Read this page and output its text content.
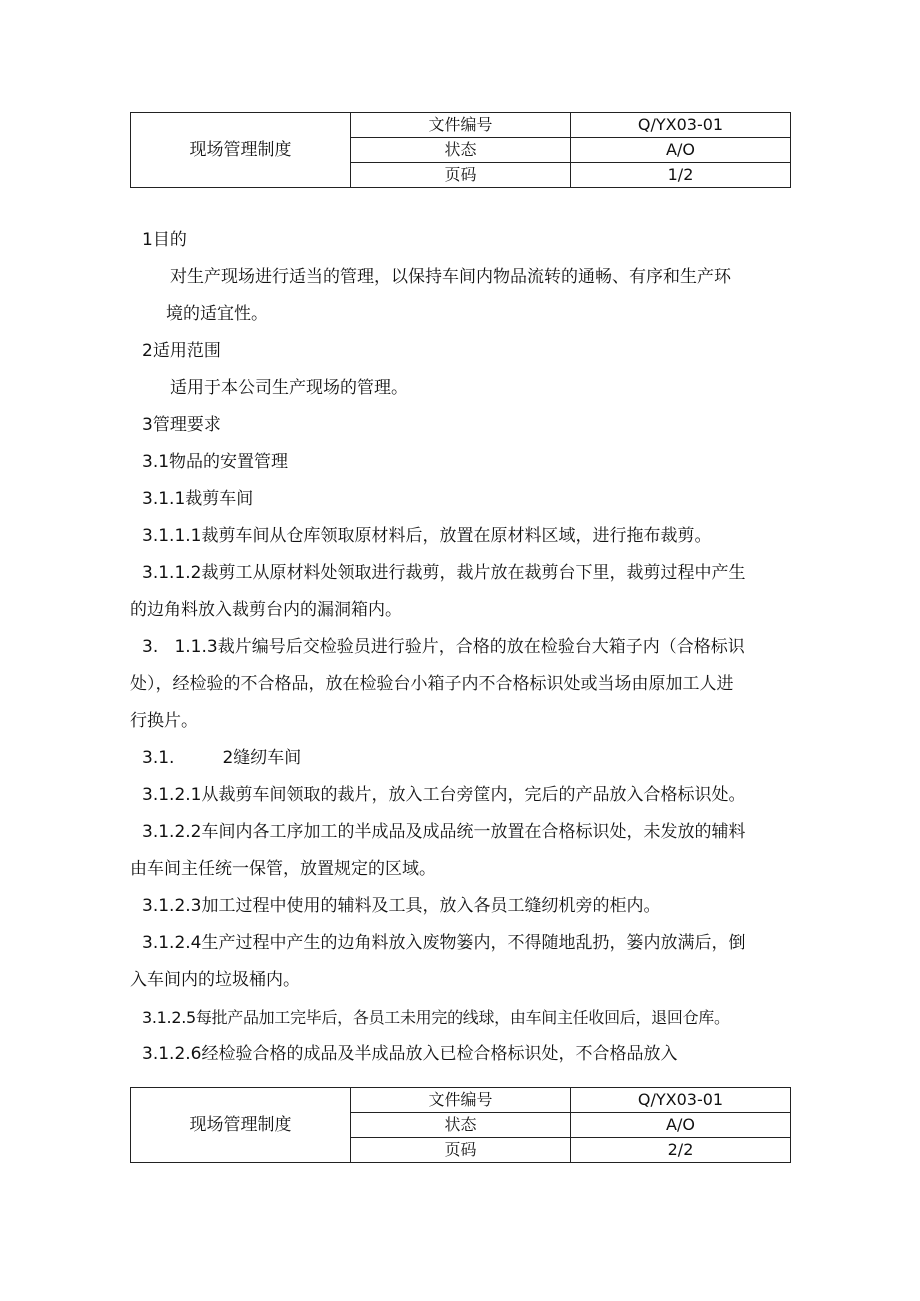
现场管理制度	文件编号	Q/YX03-01
	状态	A/O
	页码	1/2

1目的

对生产现场进行适当的管理，以保持车间内物品流转的通畅、有序和生产环

境的适宜性。

2适用范围

适用于本公司生产现场的管理。

3管理要求

3.1物品的安置管理

3.1.1裁剪车间

3.1.1.1裁剪车间从仓库领取原材料后，放置在原材料区域，进行拖布裁剪。

3.1.1.2裁剪工从原材料处领取进行裁剪，裁片放在裁剪台下里，裁剪过程中产生

的边角料放入裁剪台内的漏洞箱内。

3. 1.1.3裁片编号后交检验员进行验片，合格的放在检验台大箱子内（合格标识

处），经检验的不合格品，放在检验台小箱子内不合格标识处或当场由原加工人进

行换片。

3.1.	2缝纫车间

3.1.2.1从裁剪车间领取的裁片，放入工台旁筐内，完后的产品放入合格标识处。

3.1.2.2车间内各工序加工的半成品及成品统一放置在合格标识处，未发放的辅料

由车间主任统一保管，放置规定的区域。

3.1.2.3加工过程中使用的辅料及工具，放入各员工缝纫机旁的柜内。

3.1.2.4生产过程中产生的边角料放入废物篓内，不得随地乱扔，篓内放满后，倒

入车间内的垃圾桶内。

3.1.2.5每批产品加工完毕后，各员工未用完的线球，由车间主任收回后，退回仓库。

3.1.2.6经检验合格的成品及半成品放入已检合格标识处，不合格品放入

现场管理制度	文件编号	Q/YX03-01
	状态	A/O
	页码	2/2
